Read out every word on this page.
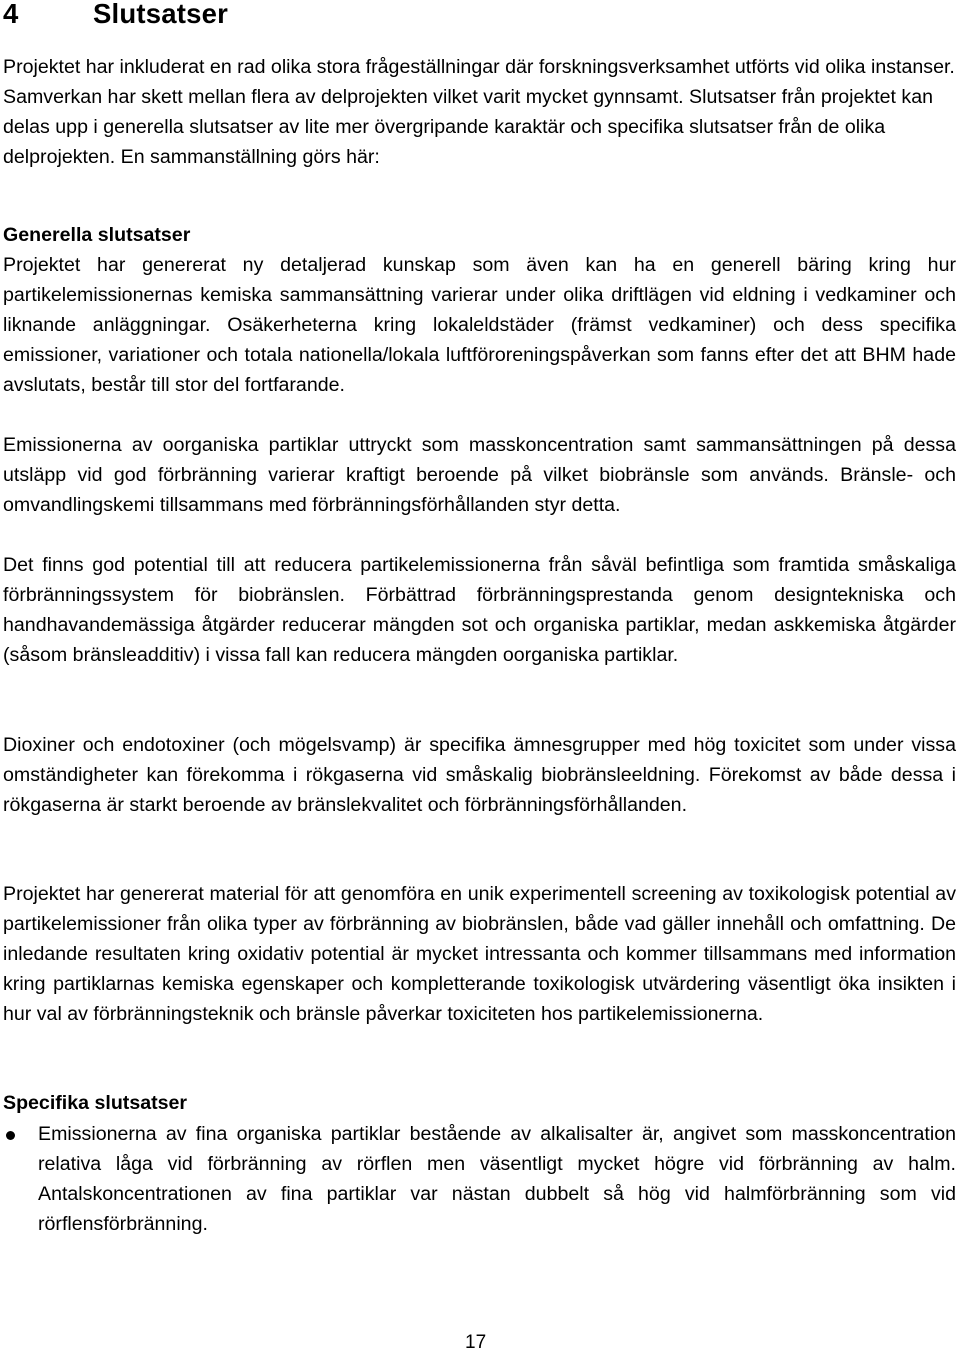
4	Slutsatser

Projektet har inkluderat en rad olika stora frågeställningar där forskningsverksamhet utförts vid olika instanser. Samverkan har skett mellan flera av delprojekten vilket varit mycket gynnsamt. Slutsatser från projektet kan delas upp i generella slutsatser av lite mer övergripande karaktär och specifika slutsatser från de olika delprojekten. En sammanställning görs här:

Generella slutsatser

Projektet har genererat ny detaljerad kunskap som även kan ha en generell bäring kring hur partikelemissionernas kemiska sammansättning varierar under olika driftlägen vid eldning i vedkaminer och liknande anläggningar. Osäkerheterna kring lokaleldstäder (främst vedkaminer) och dess specifika emissioner, variationer och totala nationella/lokala luftföroreningspåverkan som fanns efter det att BHM hade avslutats, består till stor del fortfarande.

Emissionerna av oorganiska partiklar uttryckt som masskoncentration samt sammansättningen på dessa utsläpp vid god förbränning varierar kraftigt beroende på vilket biobränsle som används. Bränsle- och omvandlingskemi tillsammans med förbränningsförhållanden styr detta.

Det finns god potential till att reducera partikelemissionerna från såväl befintliga som framtida småskaliga förbränningssystem för biobränslen. Förbättrad förbränningsprestanda genom designtekniska och handhavandemässiga åtgärder reducerar mängden sot och organiska partiklar, medan askkemiska åtgärder (såsom bränsleadditiv) i vissa fall kan reducera mängden oorganiska partiklar.

Dioxiner och endotoxiner (och mögelsvamp) är specifika ämnesgrupper med hög toxicitet som under vissa omständigheter kan förekomma i rökgaserna vid småskalig biobränsleeldning. Förekomst av både dessa i rökgaserna är starkt beroende av bränslekvalitet och förbränningsförhållanden.

Projektet har genererat material för att genomföra en unik experimentell screening av toxikologisk potential av partikelemissioner från olika typer av förbränning av biobränslen, både vad gäller innehåll och omfattning. De inledande resultaten kring oxidativ potential är mycket intressanta och kommer tillsammans med information kring partiklarnas kemiska egenskaper och kompletterande toxikologisk utvärdering väsentligt öka insikten i hur val av förbränningsteknik och bränsle påverkar toxiciteten hos partikelemissionerna.

Specifika slutsatser

Emissionerna av fina organiska partiklar bestående av alkalisalter är, angivet som masskoncentration relativa låga vid förbränning av rörflen men väsentligt mycket högre vid förbränning av halm. Antalskoncentrationen av fina partiklar var nästan dubbelt så hög vid halmförbränning som vid rörflensförbränning.

17
